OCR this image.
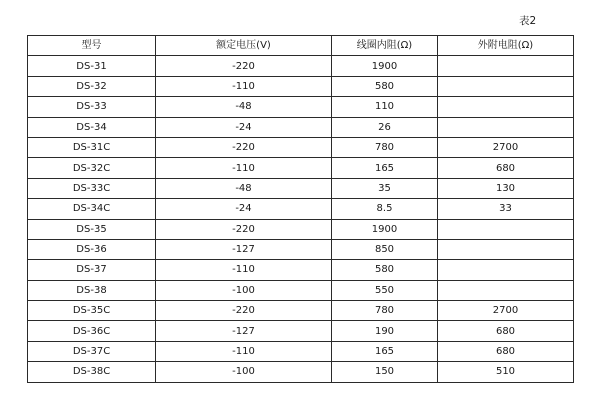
表2
型号	额定电压(V)	线圈内阻(Ω)	外附电阻(Ω)
DS-31	-220	1900	
DS-32	-110	580	
DS-33	-48	110	
DS-34	-24	26	
DS-31C	-220	780	2700
DS-32C	-110	165	680
DS-33C	-48	35	130
DS-34C	-24	8.5	33
DS-35	-220	1900	
DS-36	-127	850	
DS-37	-110	580	
DS-38	-100	550	
DS-35C	-220	780	2700
DS-36C	-127	190	680
DS-37C	-110	165	680
DS-38C	-100	150	510
